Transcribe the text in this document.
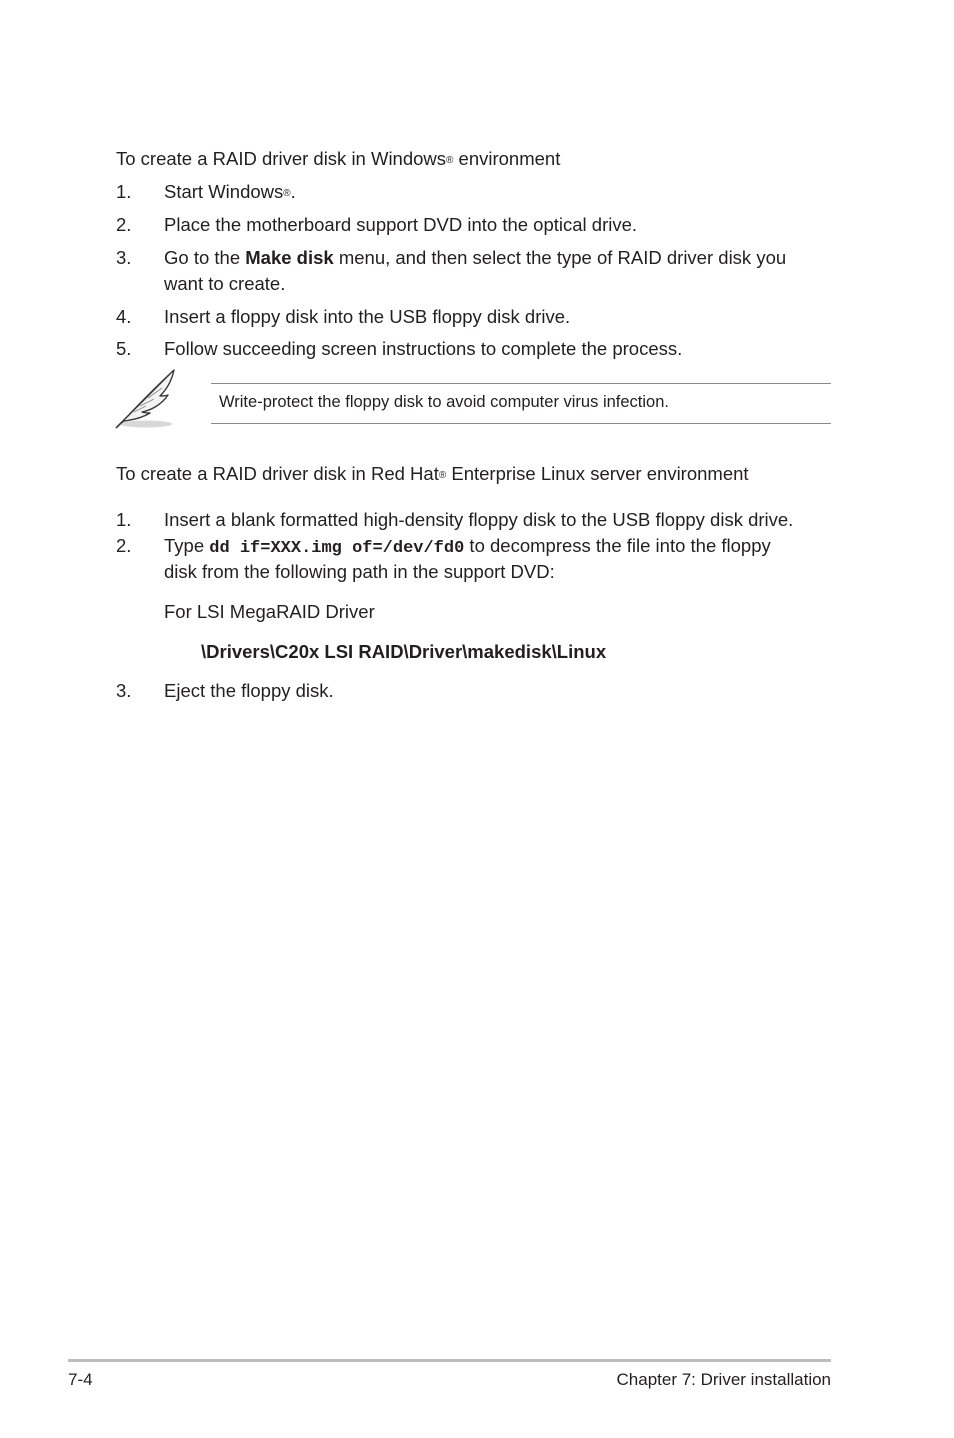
To create a RAID driver disk in Windows® environment
1. Start Windows®.
2. Place the motherboard support DVD into the optical drive.
3. Go to the Make disk menu, and then select the type of RAID driver disk you
want to create.
4. Insert a floppy disk into the USB floppy disk drive.
5. Follow succeeding screen instructions to complete the process.
Write-protect the floppy disk to avoid computer virus infection.
To create a RAID driver disk in Red Hat® Enterprise Linux server environment
1. Insert a blank formatted high-density floppy disk to the USB floppy disk drive.
2. Type dd if=XXX.img of=/dev/fd0 to decompress the file into the floppy
disk from the following path in the support DVD:
For LSI MegaRAID Driver
\Drivers\C20x LSI RAID\Driver\makedisk\Linux
3. Eject the floppy disk.
7-4	Chapter 7: Driver installation
